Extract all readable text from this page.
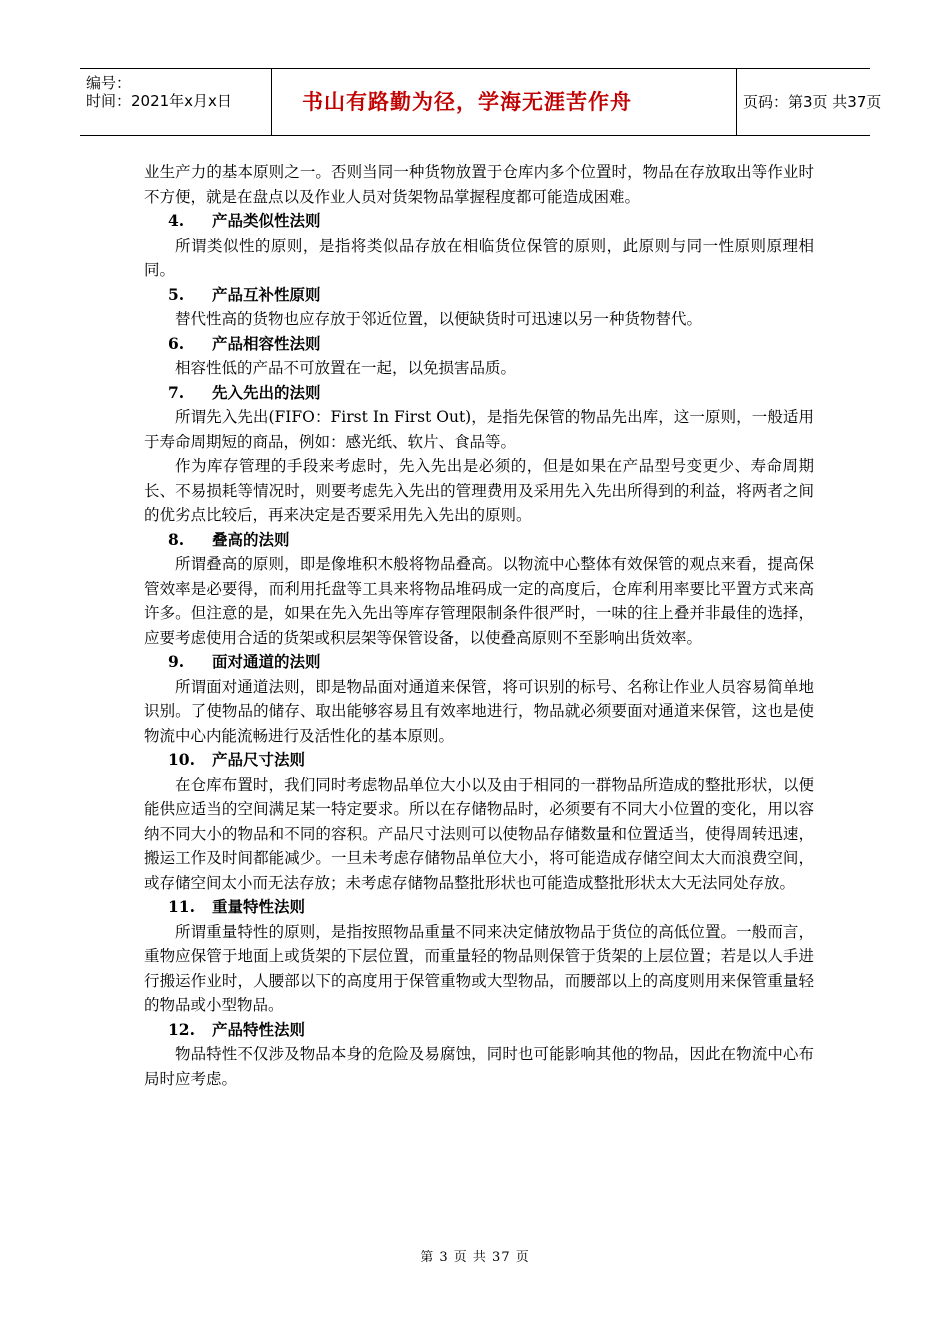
编号：
时间：2021年x月x日	书山有路勤为径，学海无涯苦作舟	页码：第3页 共37页

业生产力的基本原则之一。否则当同一种货物放置于仓库内多个位置时，物品在存放取出等作业时不方便，就是在盘点以及作业人员对货架物品掌握程度都可能造成困难。

4. 产品类似性法则

所谓类似性的原则，是指将类似品存放在相临货位保管的原则，此原则与同一性原则原理相同。

5. 产品互补性原则

替代性高的货物也应存放于邻近位置，以便缺货时可迅速以另一种货物替代。

6. 产品相容性法则

相容性低的产品不可放置在一起，以免损害品质。

7. 先入先出的法则

所谓先入先出(FIFO：First In First Out)，是指先保管的物品先出库，这一原则，一般适用于寿命周期短的商品，例如：感光纸、软片、食品等。

作为库存管理的手段来考虑时，先入先出是必须的，但是如果在产品型号变更少、寿命周期长、不易损耗等情况时，则要考虑先入先出的管理费用及采用先入先出所得到的利益，将两者之间的优劣点比较后，再来决定是否要采用先入先出的原则。

8. 叠高的法则

所谓叠高的原则，即是像堆积木般将物品叠高。以物流中心整体有效保管的观点来看，提高保管效率是必要得，而利用托盘等工具来将物品堆码成一定的高度后，仓库利用率要比平置方式来高许多。但注意的是，如果在先入先出等库存管理限制条件很严时，一味的往上叠并非最佳的选择，应要考虑使用合适的货架或积层架等保管设备，以使叠高原则不至影响出货效率。

9. 面对通道的法则

所谓面对通道法则，即是物品面对通道来保管，将可识别的标号、名称让作业人员容易简单地识别。了使物品的储存、取出能够容易且有效率地进行，物品就必须要面对通道来保管，这也是使物流中心内能流畅进行及活性化的基本原则。

10. 产品尺寸法则

在仓库布置时，我们同时考虑物品单位大小以及由于相同的一群物品所造成的整批形状，以便能供应适当的空间满足某一特定要求。所以在存储物品时，必须要有不同大小位置的变化，用以容纳不同大小的物品和不同的容积。产品尺寸法则可以使物品存储数量和位置适当，使得周转迅速，搬运工作及时间都能减少。一旦未考虑存储物品单位大小，将可能造成存储空间太大而浪费空间，或存储空间太小而无法存放；未考虑存储物品整批形状也可能造成整批形状太大无法同处存放。

11. 重量特性法则

所谓重量特性的原则，是指按照物品重量不同来决定储放物品于货位的高低位置。一般而言，重物应保管于地面上或货架的下层位置，而重量轻的物品则保管于货架的上层位置；若是以人手进行搬运作业时，人腰部以下的高度用于保管重物或大型物品，而腰部以上的高度则用来保管重量轻的物品或小型物品。

12. 产品特性法则

物品特性不仅涉及物品本身的危险及易腐蚀，同时也可能影响其他的物品，因此在物流中心布局时应考虑。

第 3 页 共 37 页
